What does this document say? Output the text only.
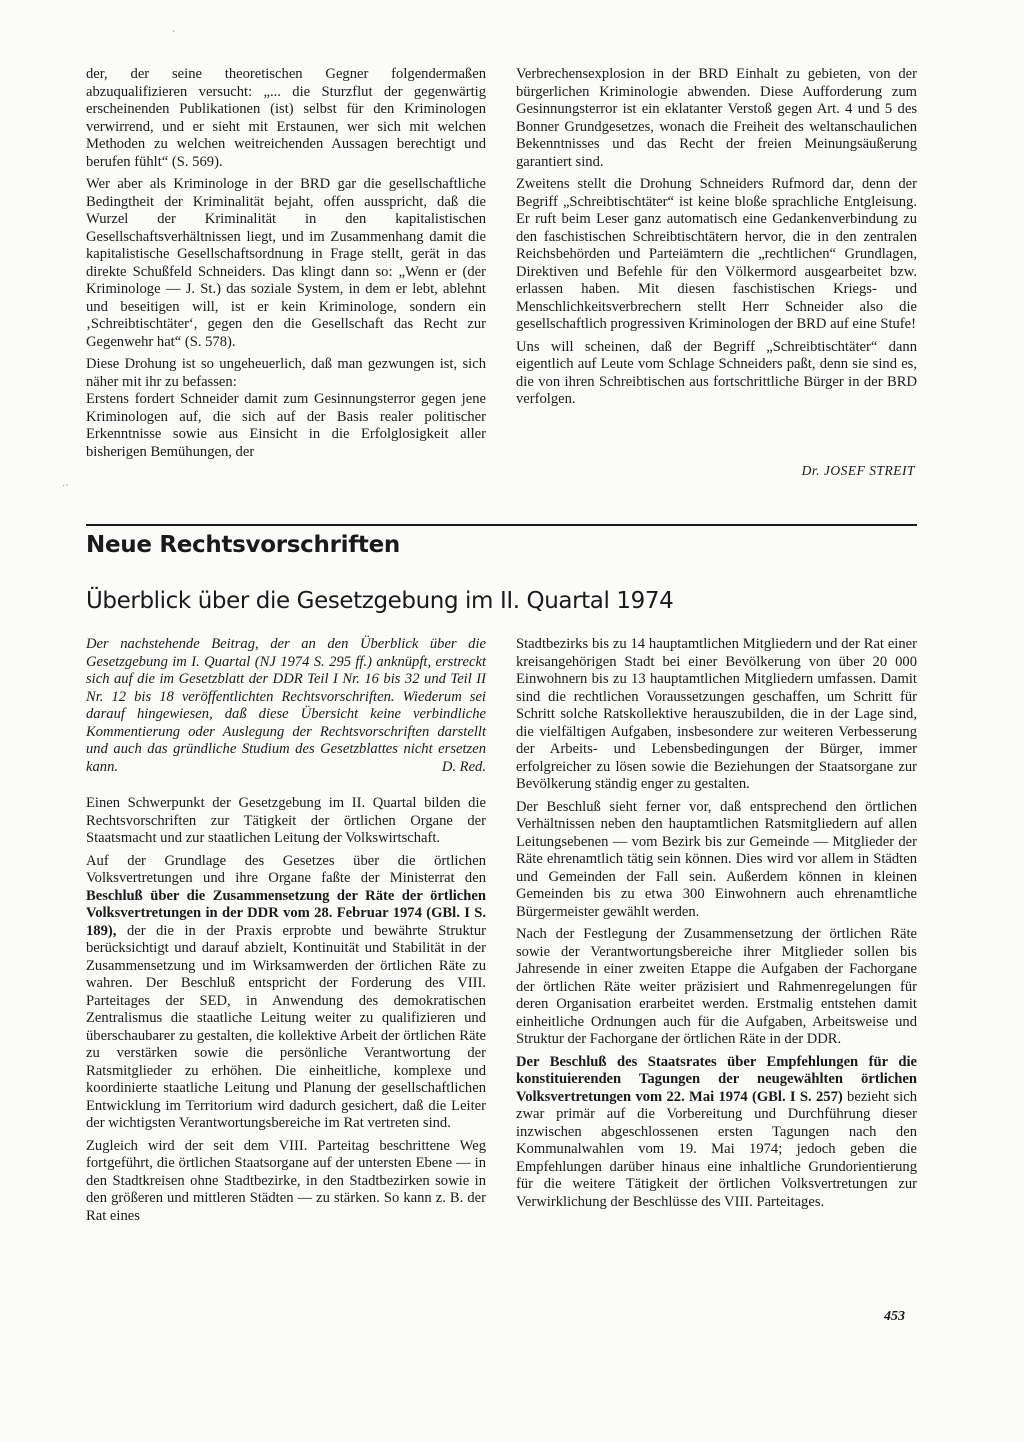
ˊ
˙ˊ

der, der seine theoretischen Gegner folgendermaßen abzuqualifizieren versucht: „... die Sturzflut der gegenwärtig erscheinenden Publikationen (ist) selbst für den Kriminologen verwirrend, und er sieht mit Erstaunen, wer sich mit welchen Methoden zu welchen weitreichenden Aussagen berechtigt und berufen fühlt“ (S. 569).

Wer aber als Kriminologe in der BRD gar die gesellschaftliche Bedingtheit der Kriminalität bejaht, offen ausspricht, daß die Wurzel der Kriminalität in den kapitalistischen Gesellschaftsverhältnissen liegt, und im Zusammenhang damit die kapitalistische Gesellschaftsordnung in Frage stellt, gerät in das direkte Schußfeld Schneiders. Das klingt dann so: „Wenn er (der Kriminologe — J. St.) das soziale System, in dem er lebt, ablehnt und beseitigen will, ist er kein Kriminologe, sondern ein ‚Schreibtischtäter‘, gegen den die Gesellschaft das Recht zur Gegenwehr hat“ (S. 578).

Diese Drohung ist so ungeheuerlich, daß man gezwungen ist, sich näher mit ihr zu befassen:

Erstens fordert Schneider damit zum Gesinnungsterror gegen jene Kriminologen auf, die sich auf der Basis realer politischer Erkenntnisse sowie aus Einsicht in die Erfolglosigkeit aller bisherigen Bemühungen, der

Verbrechensexplosion in der BRD Einhalt zu gebieten, von der bürgerlichen Kriminologie abwenden. Diese Aufforderung zum Gesinnungsterror ist ein eklatanter Verstoß gegen Art. 4 und 5 des Bonner Grundgesetzes, wonach die Freiheit des weltanschaulichen Bekenntnisses und das Recht der freien Meinungsäußerung garantiert sind.

Zweitens stellt die Drohung Schneiders Rufmord dar, denn der Begriff „Schreibtischtäter“ ist keine bloße sprachliche Entgleisung. Er ruft beim Leser ganz automatisch eine Gedankenverbindung zu den faschistischen Schreibtischtätern hervor, die in den zentralen Reichsbehörden und Parteiämtern die „rechtlichen“ Grundlagen, Direktiven und Befehle für den Völkermord ausgearbeitet bzw. erlassen haben. Mit diesen faschistischen Kriegs- und Menschlichkeitsverbrechern stellt Herr Schneider also die gesellschaftlich progressiven Kriminologen der BRD auf eine Stufe!

Uns will scheinen, daß der Begriff „Schreibtischtäter“ dann eigentlich auf Leute vom Schlage Schneiders paßt, denn sie sind es, die von ihren Schreibtischen aus fortschrittliche Bürger in der BRD verfolgen.

Dr. JOSEF STREIT
Neue Rechtsvorschriften
Überblick über die Gesetzgebung im II. Quartal 1974

Der nachstehende Beitrag, der an den Überblick über die Gesetzgebung im I. Quartal (NJ 1974 S. 295 ff.) anknüpft, erstreckt sich auf die im Gesetzblatt der DDR Teil I Nr. 16 bis 32 und Teil II Nr. 12 bis 18 veröffentlichten Rechtsvorschriften. Wiederum sei darauf hingewiesen, daß diese Übersicht keine verbindliche Kommentierung oder Auslegung der Rechtsvorschriften darstellt und auch das gründliche Studium des Gesetzblattes nicht ersetzen kann.	D. Red.

Einen Schwerpunkt der Gesetzgebung im II. Quartal bilden die Rechtsvorschriften zur Tätigkeit der örtlichen Organe der Staatsmacht und zur staatlichen Leitung der Volkswirtschaft.

Auf der Grundlage des Gesetzes über die örtlichen Volksvertretungen und ihre Organe faßte der Ministerrat den Beschluß über die Zusammensetzung der Räte der örtlichen Volksvertretungen in der DDR vom 28. Februar 1974 (GBl. I S. 189), der die in der Praxis erprobte und bewährte Struktur berücksichtigt und darauf abzielt, Kontinuität und Stabilität in der Zusammensetzung und im Wirksamwerden der örtlichen Räte zu wahren. Der Beschluß entspricht der Forderung des VIII. Parteitages der SED, in Anwendung des demokratischen Zentralismus die staatliche Leitung weiter zu qualifizieren und überschaubarer zu gestalten, die kollektive Arbeit der örtlichen Räte zu verstärken sowie die persönliche Verantwortung der Ratsmitglieder zu erhöhen. Die einheitliche, komplexe und koordinierte staatliche Leitung und Planung der gesellschaftlichen Entwicklung im Territorium wird dadurch gesichert, daß die Leiter der wichtigsten Verantwortungsbereiche im Rat vertreten sind.

Zugleich wird der seit dem VIII. Parteitag beschrittene Weg fortgeführt, die örtlichen Staatsorgane auf der untersten Ebene — in den Stadtkreisen ohne Stadtbezirke, in den Stadtbezirken sowie in den größeren und mittleren Städten — zu stärken. So kann z. B. der Rat eines

Stadtbezirks bis zu 14 hauptamtlichen Mitgliedern und der Rat einer kreisangehörigen Stadt bei einer Bevölkerung von über 20 000 Einwohnern bis zu 13 hauptamtlichen Mitgliedern umfassen. Damit sind die rechtlichen Voraussetzungen geschaffen, um Schritt für Schritt solche Ratskollektive herauszubilden, die in der Lage sind, die vielfältigen Aufgaben, insbesondere zur weiteren Verbesserung der Arbeits- und Lebensbedingungen der Bürger, immer erfolgreicher zu lösen sowie die Beziehungen der Staatsorgane zur Bevölkerung ständig enger zu gestalten.

Der Beschluß sieht ferner vor, daß entsprechend den örtlichen Verhältnissen neben den hauptamtlichen Ratsmitgliedern auf allen Leitungsebenen — vom Bezirk bis zur Gemeinde — Mitglieder der Räte ehrenamtlich tätig sein können. Dies wird vor allem in Städten und Gemeinden der Fall sein. Außerdem können in kleinen Gemeinden bis zu etwa 300 Einwohnern auch ehrenamtliche Bürgermeister gewählt werden.

Nach der Festlegung der Zusammensetzung der örtlichen Räte sowie der Verantwortungsbereiche ihrer Mitglieder sollen bis Jahresende in einer zweiten Etappe die Aufgaben der Fachorgane der örtlichen Räte weiter präzisiert und Rahmenregelungen für deren Organisation erarbeitet werden. Erstmalig entstehen damit einheitliche Ordnungen auch für die Aufgaben, Arbeitsweise und Struktur der Fachorgane der örtlichen Räte in der DDR.

Der Beschluß des Staatsrates über Empfehlungen für die konstituierenden Tagungen der neugewählten örtlichen Volksvertretungen vom 22. Mai 1974 (GBl. I S. 257) bezieht sich zwar primär auf die Vorbereitung und Durchführung dieser inzwischen abgeschlossenen ersten Tagungen nach den Kommunalwahlen vom 19. Mai 1974; jedoch geben die Empfehlungen darüber hinaus eine inhaltliche Grundorientierung für die weitere Tätigkeit der örtlichen Volksvertretungen zur Verwirklichung der Beschlüsse des VIII. Parteitages.

453
